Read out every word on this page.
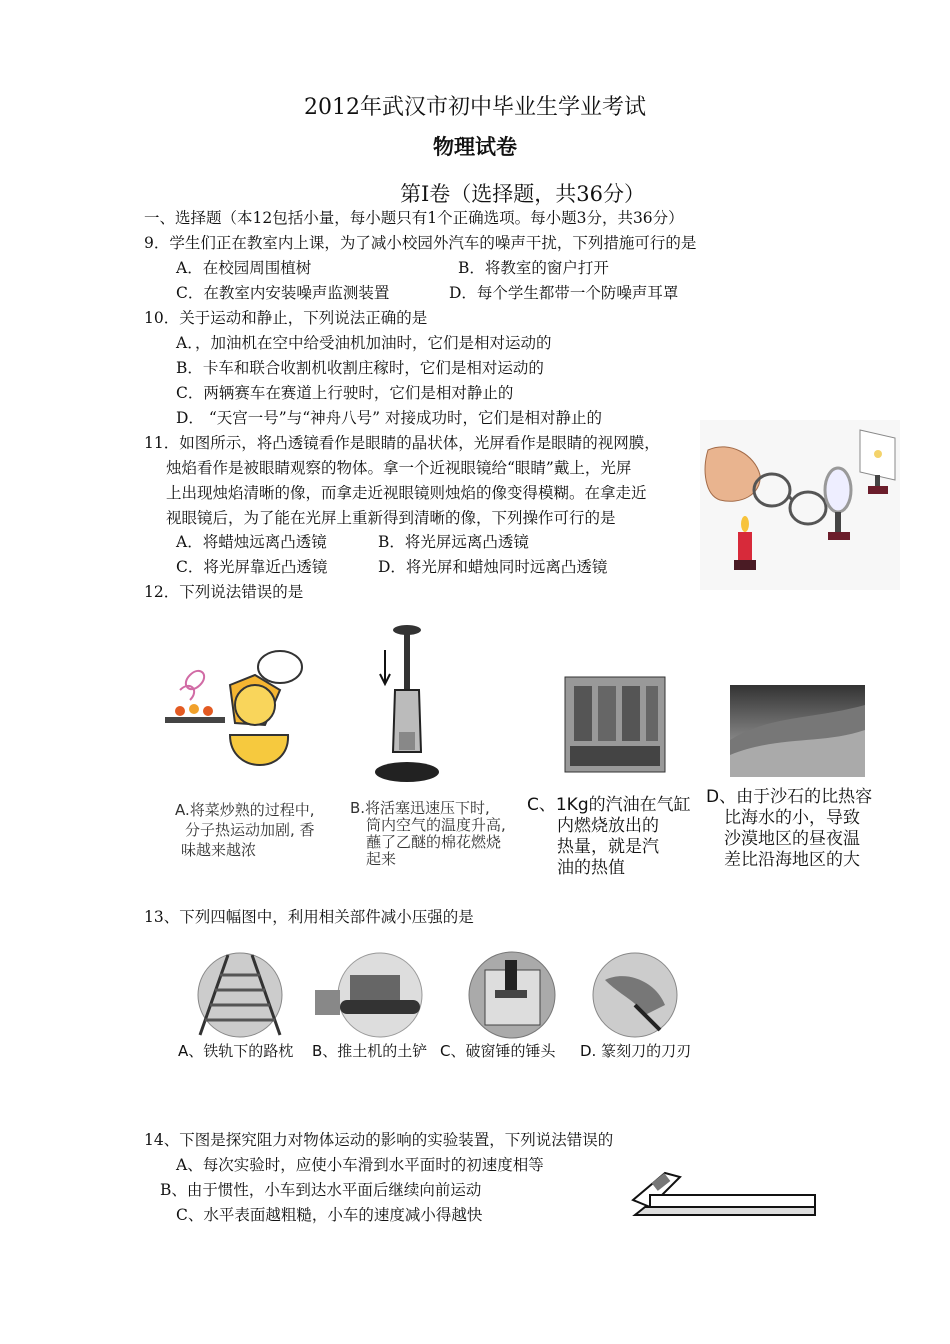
2012年武汉市初中毕业生学业考试
物理试卷
第Ⅰ卷（选择题，共36分）
一、选择题（本12包括小量，每小题只有1个正确选项。每小题3分，共36分）
9．学生们正在教室内上课，为了减小校园外汽车的噪声干扰，下列措施可行的是
A．在校园周围植树	B．将教室的窗户打开
C．在教室内安装噪声监测装置	D．每个学生都带一个防噪声耳罩
10．关于运动和静止，下列说法正确的是
A．，加油机在空中给受油机加油时，它们是相对运动的
B．卡车和联合收割机收割庄稼时，它们是相对运动的
C．两辆赛车在赛道上行驶时，它们是相对静止的
D． “天宫一号”与“神舟八号” 对接成功时，它们是相对静止的
11．如图所示，将凸透镜看作是眼睛的晶状体，光屏看作是眼睛的视网膜，
烛焰看作是被眼睛观察的物体。拿一个近视眼镜给“眼睛”戴上，光屏
上出现烛焰清晰的像，而拿走近视眼镜则烛焰的像变得模糊。在拿走近
视眼镜后，为了能在光屏上重新得到清晰的像，下列操作可行的是
A．将蜡烛远离凸透镜	B．将光屏远离凸透镜
C．将光屏靠近凸透镜	D．将光屏和蜡烛同时远离凸透镜
12．下列说法错误的是
A.将菜炒熟的过程中,
分子热运动加剧, 香
味越来越浓
B.将活塞迅速压下时,
筒内空气的温度升高,
蘸了乙醚的棉花燃烧
起来
C、1Kg的汽油在气缸
内燃烧放出的
热量，就是汽
油的热值
D、由于沙石的比热容
比海水的小，导致
沙漠地区的昼夜温
差比沿海地区的大
13、下列四幅图中，利用相关部件减小压强的是
A、铁轨下的路枕 B、推土机的土铲 C、破窗锤的锤头 D. 篆刻刀的刀刃
14、下图是探究阻力对物体运动的影响的实验装置，下列说法错误的
A、每次实验时，应使小车滑到水平面时的初速度相等
B、由于惯性，小车到达水平面后继续向前运动
C、水平表面越粗糙，小车的速度减小得越快
